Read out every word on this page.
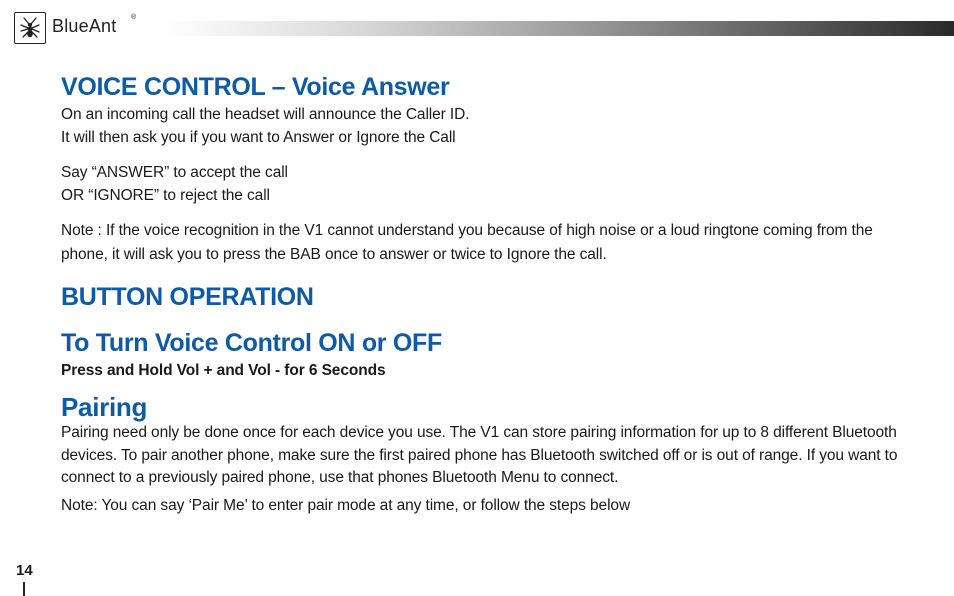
BlueAnt ®
VOICE CONTROL – Voice Answer

On an incoming call the headset will announce the Caller ID.

It will then ask you if you want to Answer or Ignore the Call

Say “ANSWER” to accept the call

OR “IGNORE” to reject the call

Note : If the voice recognition in the V1 cannot understand you because of high noise or a loud ringtone coming from the phone, it will ask you to press the BAB once to answer or twice to Ignore the call.

BUTTON OPERATION
To Turn Voice Control ON or OFF

Press and Hold Vol + and Vol - for 6 Seconds

Pairing

Pairing need only be done once for each device you use. The V1 can store pairing information for up to 8 different Bluetooth devices. To pair another phone, make sure the first paired phone has Bluetooth switched off or is out of range. If you want to connect to a previously paired phone, use that phones Bluetooth Menu to connect.

Note: You can say ‘Pair Me’ to enter pair mode at any time, or follow the steps below

14
